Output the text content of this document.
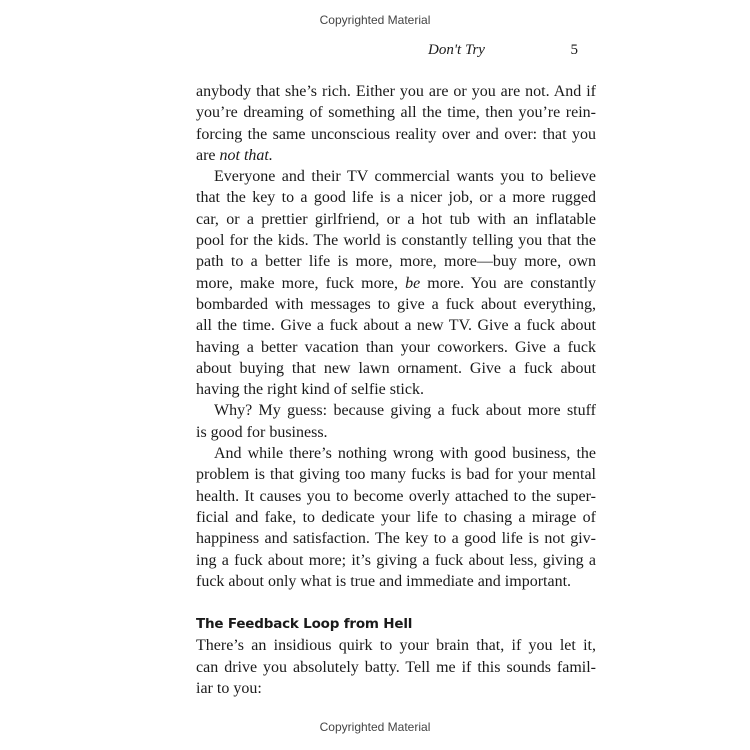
Copyrighted Material
Don't Try	5
anybody that she’s rich. Either you are or you are not. And if
you’re dreaming of something all the time, then you’re rein-
forcing the same unconscious reality over and over: that you
are not that.
Everyone and their TV commercial wants you to believe
that the key to a good life is a nicer job, or a more rugged
car, or a prettier girlfriend, or a hot tub with an inflatable
pool for the kids. The world is constantly telling you that the
path to a better life is more, more, more—buy more, own
more, make more, fuck more, be more. You are constantly
bombarded with messages to give a fuck about everything,
all the time. Give a fuck about a new TV. Give a fuck about
having a better vacation than your coworkers. Give a fuck
about buying that new lawn ornament. Give a fuck about
having the right kind of selfie stick.
Why? My guess: because giving a fuck about more stuff
is good for business.
And while there’s nothing wrong with good business, the
problem is that giving too many fucks is bad for your mental
health. It causes you to become overly attached to the super-
ficial and fake, to dedicate your life to chasing a mirage of
happiness and satisfaction. The key to a good life is not giv-
ing a fuck about more; it’s giving a fuck about less, giving a
fuck about only what is true and immediate and important.
The Feedback Loop from Hell
There’s an insidious quirk to your brain that, if you let it,
can drive you absolutely batty. Tell me if this sounds famil-
iar to you:
Copyrighted Material
